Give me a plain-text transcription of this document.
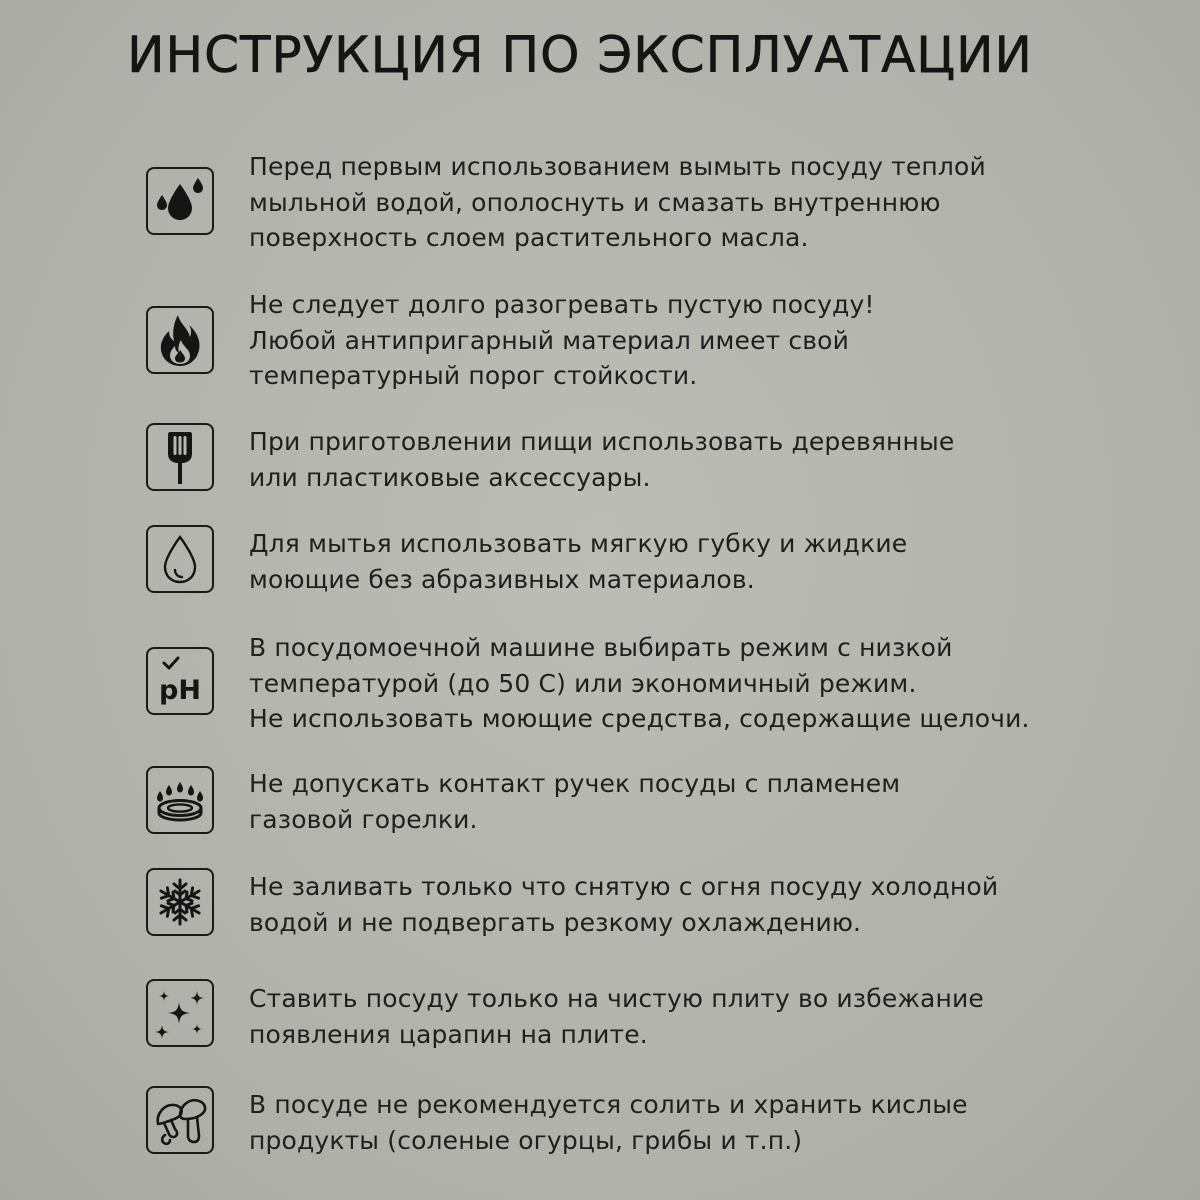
ИНСТРУКЦИЯ ПО ЭКСПЛУАТАЦИИ
Перед первым использованием вымыть посуду теплой
мыльной водой, ополоснуть и смазать внутреннюю
поверхность слоем растительного масла.
Не следует долго разогревать пустую посуду!
Любой антипригарный материал имеет свой
температурный порог стойкости.
При приготовлении пищи использовать деревянные
или пластиковые аксессуары.
Для мытья использовать мягкую губку и жидкие
моющие без абразивных материалов.
pH
В посудомоечной машине выбирать режим с низкой
температурой (до 50 С) или экономичный режим.
Не использовать моющие средства, содержащие щелочи.
Не допускать контакт ручек посуды с пламенем
газовой горелки.
Не заливать только что снятую с огня посуду холодной
водой и не подвергать резкому охлаждению.
Ставить посуду только на чистую плиту во избежание
появления царапин на плите.
В посуде не рекомендуется солить и хранить кислые
продукты (соленые огурцы, грибы и т.п.)
